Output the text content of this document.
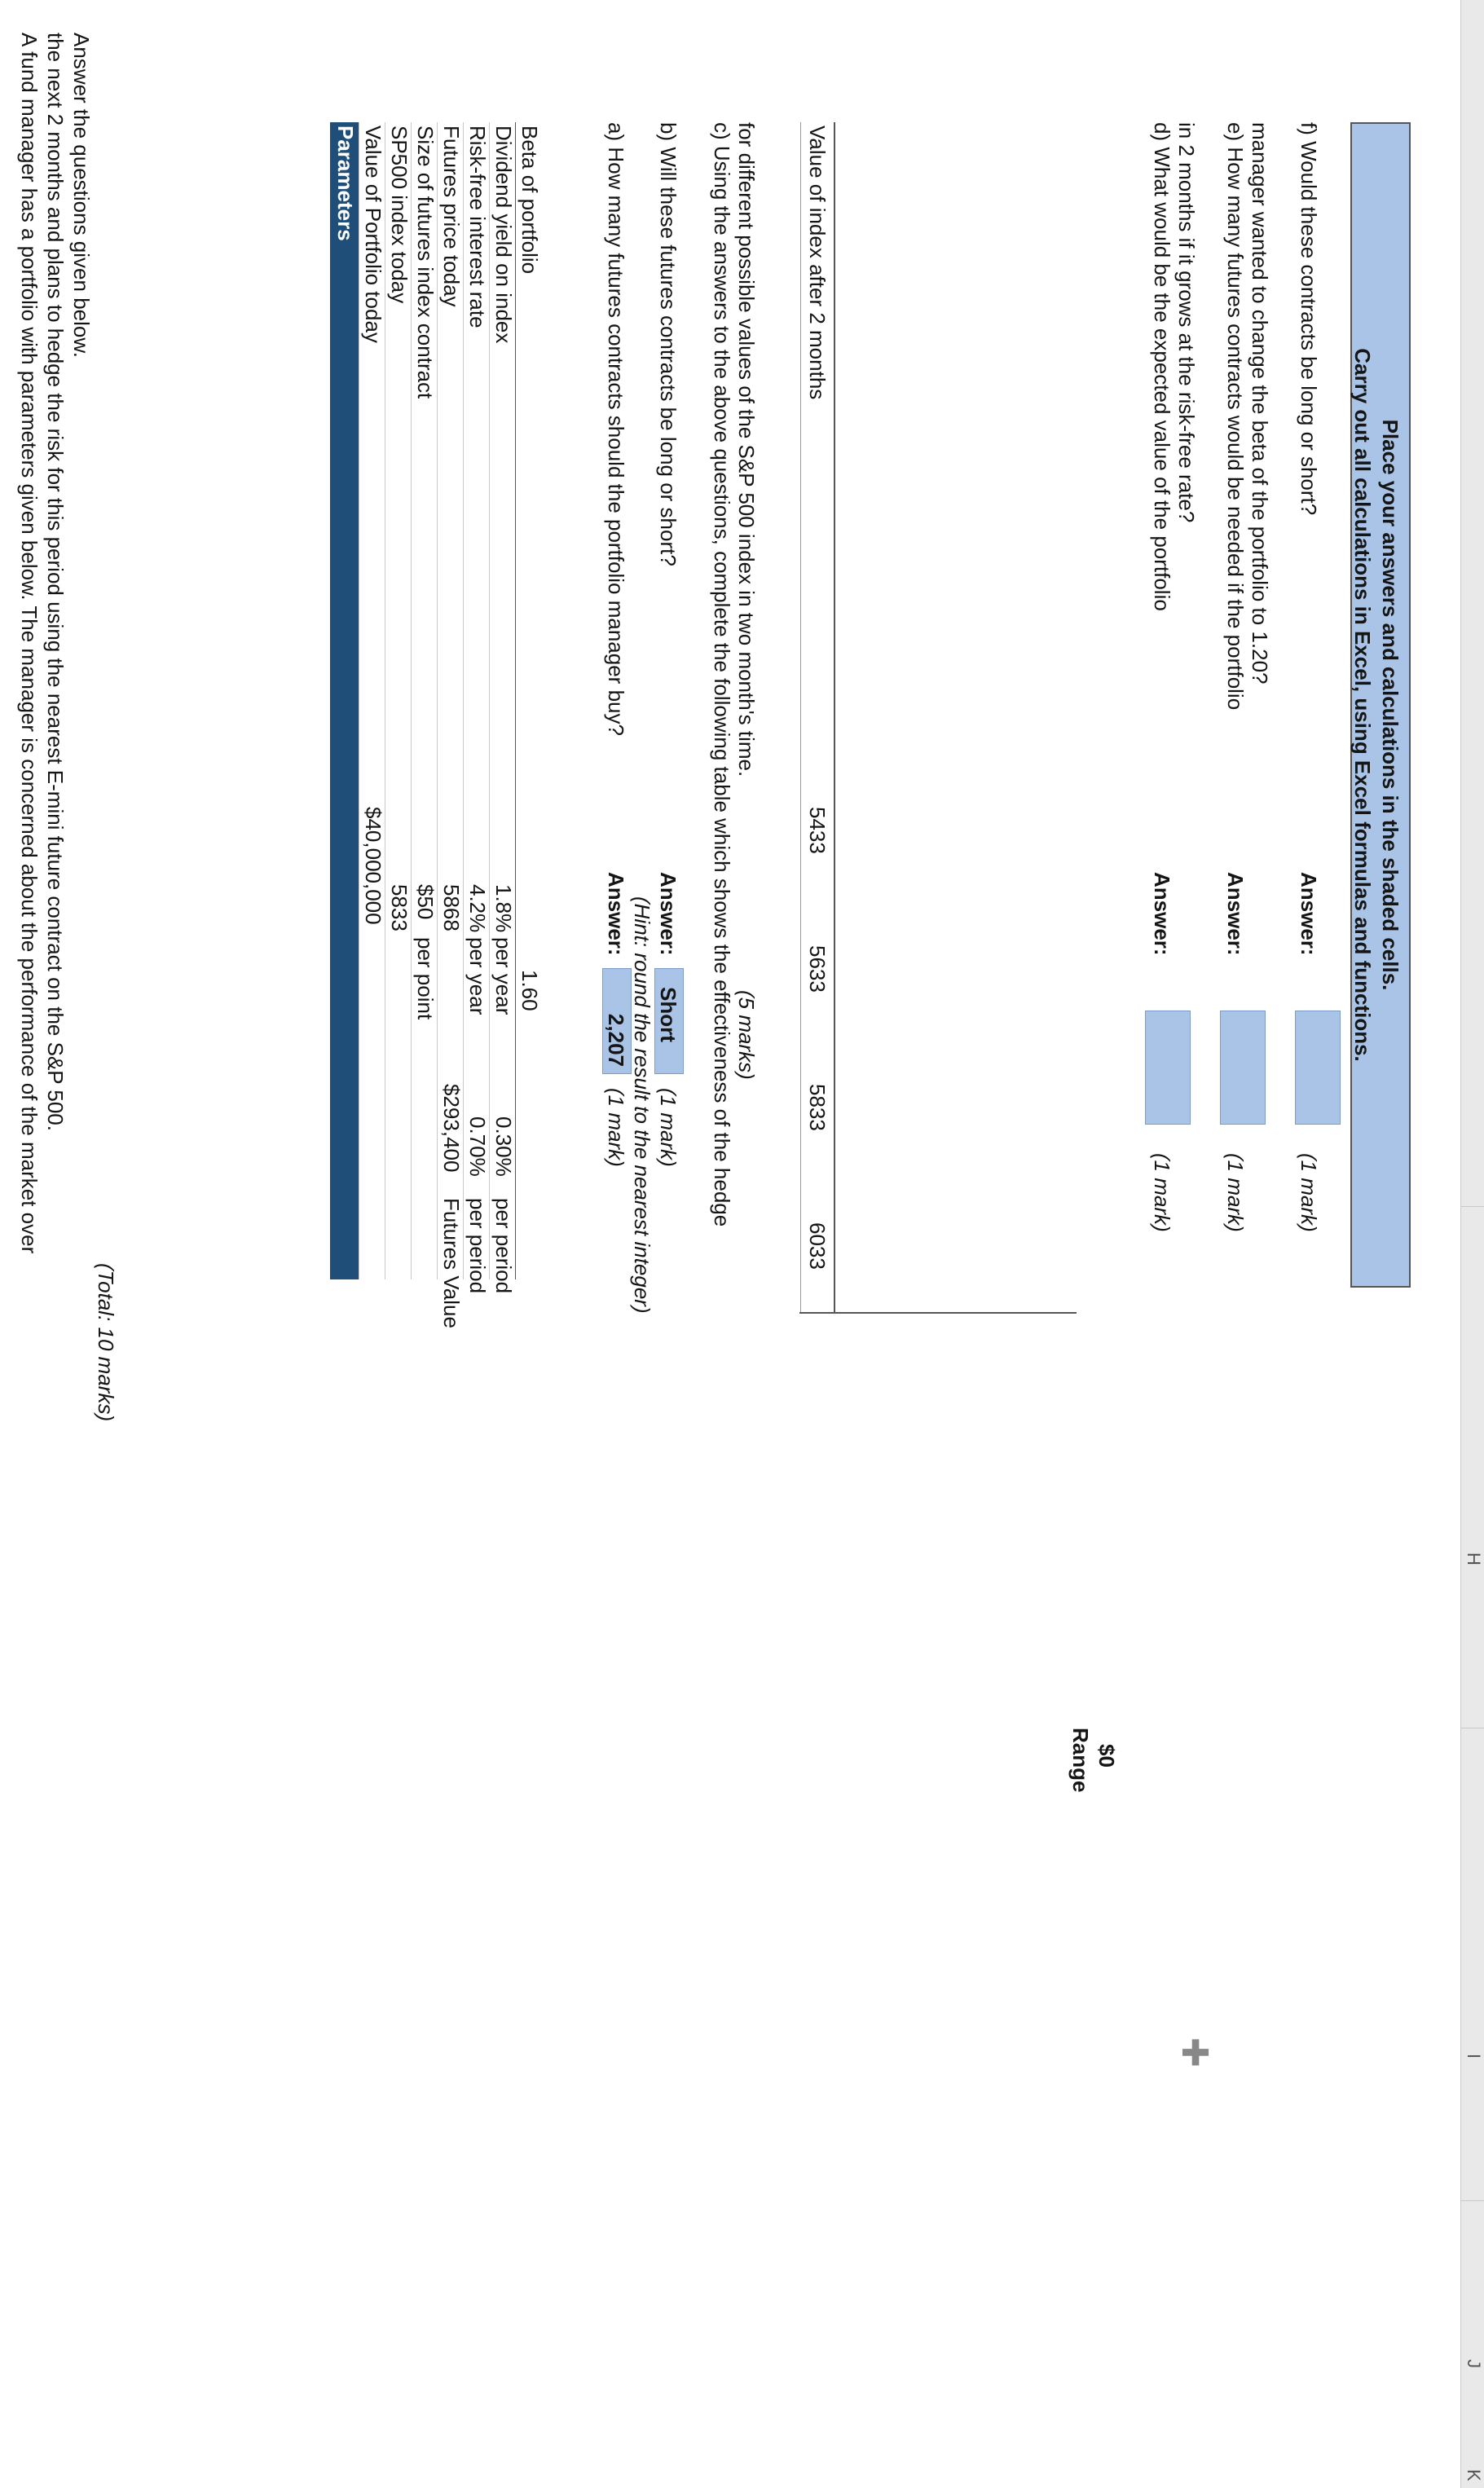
H
I
J
K
A fund manager has a portfolio with parameters given below. The manager is concerned about the performance of the market over the next 2 months and plans to hedge the risk for this period using the nearest E-mini future contract on the S&P 500. Answer the questions given below.
(Total: 10 marks)
Parameters Value of Portfolio today
$40,000,000
SP500 index today
5833
Size of futures index contract
$50
per point
Futures price today
5868
$293,400
Futures Value
Risk-free interest rate
4.2%
per year
0.70%
per period
Dividend yield on index
1.8%
per year
0.30%
per period
Beta of portfolio
1.60
a) How many futures contracts should the portfolio manager buy?
Answer:
2,207
(1 mark) (Hint: round the result to the nearest integer)
b) Will these futures contracts be long or short?
Answer:
Short
(1 mark) c) Using the answers to the above questions, complete the following table which shows the effectiveness of the hedge for different possible values of the S&P 500 index in two month's time.
(5 marks)
Value of index after 2 months
5433
5633
5833
6033
Range $0
d) What would be the expected value of the portfolio in 2 months if it grows at the risk-free rate?
Answer:
(1 mark)
e) How many futures contracts would be needed if the portfolio manager wanted to change the beta of the portfolio to 1.20?
Answer:
(1 mark)
f) Would these contracts be long or short?
Answer:
(1 mark)
Place your answers and calculations in the shaded cells.
Carry out all calculations in Excel, using Excel formulas and functions.
✚
